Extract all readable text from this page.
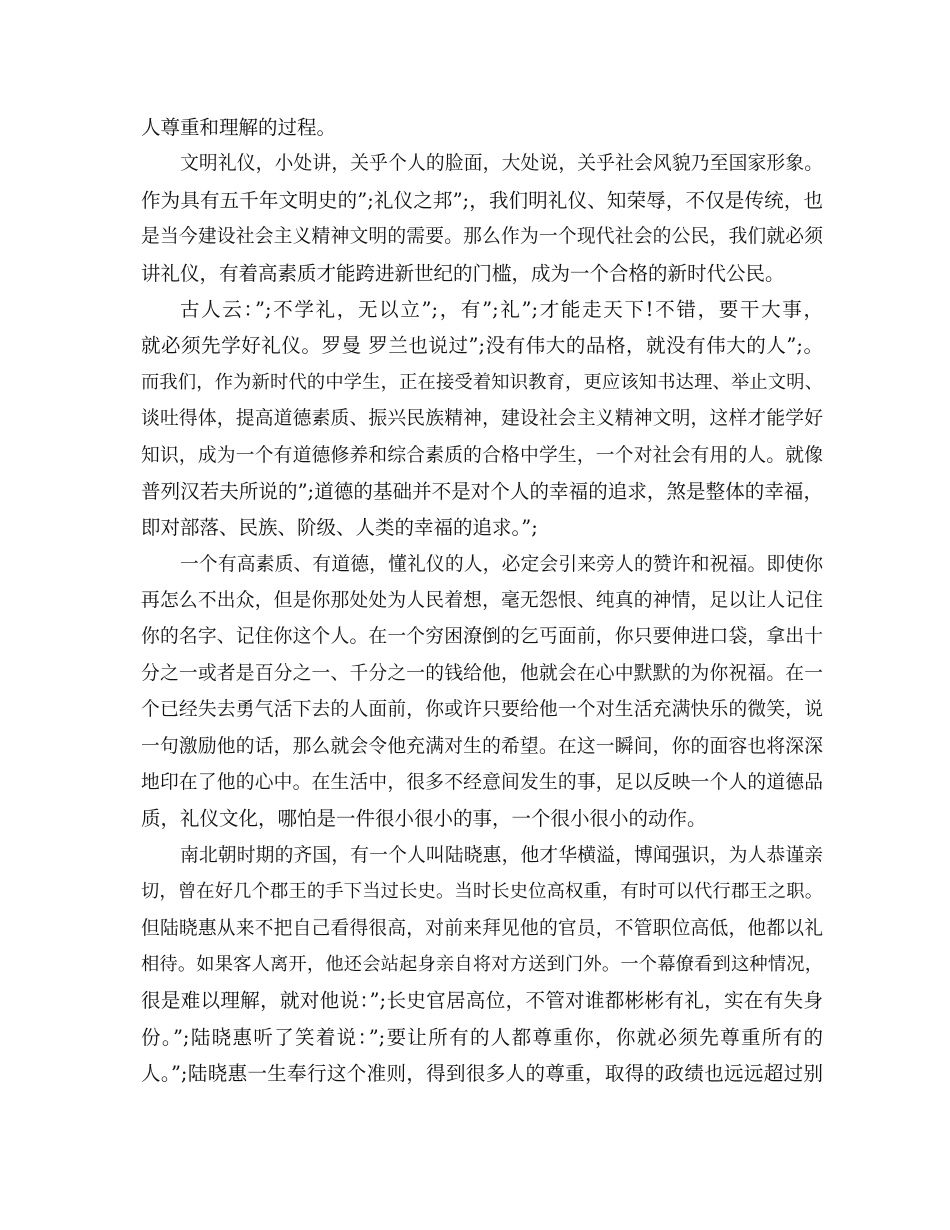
人尊重和理解的过程。
文明礼仪，小处讲，关乎个人的脸面，大处说，关乎社会风貌乃至国家形象。
作为具有五千年文明史的”;礼仪之邦”;，我们明礼仪、知荣辱，不仅是传统，也
是当今建设社会主义精神文明的需要。那么作为一个现代社会的公民，我们就必须
讲礼仪，有着高素质才能跨进新世纪的门槛，成为一个合格的新时代公民。
古人云：”;不学礼，无以立”;，有”;礼”;才能走天下!不错，要干大事，
就必须先学好礼仪。罗曼 罗兰也说过”;没有伟大的品格，就没有伟大的人”;。
而我们，作为新时代的中学生，正在接受着知识教育，更应该知书达理、举止文明、
谈吐得体，提高道德素质、振兴民族精神，建设社会主义精神文明，这样才能学好
知识，成为一个有道德修养和综合素质的合格中学生，一个对社会有用的人。就像
普列汉若夫所说的”;道德的基础并不是对个人的幸福的追求，煞是整体的幸福，
即对部落、民族、阶级、人类的幸福的追求。”;
一个有高素质、有道德，懂礼仪的人，必定会引来旁人的赞许和祝福。即使你
再怎么不出众，但是你那处处为人民着想，毫无怨恨、纯真的神情，足以让人记住
你的名字、记住你这个人。在一个穷困潦倒的乞丐面前，你只要伸进口袋，拿出十
分之一或者是百分之一、千分之一的钱给他，他就会在心中默默的为你祝福。在一
个已经失去勇气活下去的人面前，你或许只要给他一个对生活充满快乐的微笑，说
一句激励他的话，那么就会令他充满对生的希望。在这一瞬间，你的面容也将深深
地印在了他的心中。在生活中，很多不经意间发生的事，足以反映一个人的道德品
质，礼仪文化，哪怕是一件很小很小的事，一个很小很小的动作。
南北朝时期的齐国，有一个人叫陆晓惠，他才华横溢，博闻强识，为人恭谨亲
切，曾在好几个郡王的手下当过长史。当时长史位高权重，有时可以代行郡王之职。
但陆晓惠从来不把自己看得很高，对前来拜见他的官员，不管职位高低，他都以礼
相待。如果客人离开，他还会站起身亲自将对方送到门外。一个幕僚看到这种情况，
很是难以理解，就对他说：”;长史官居高位，不管对谁都彬彬有礼，实在有失身
份。”;陆晓惠听了笑着说：”;要让所有的人都尊重你，你就必须先尊重所有的
人。”;陆晓惠一生奉行这个准则，得到很多人的尊重，取得的政绩也远远超过别
